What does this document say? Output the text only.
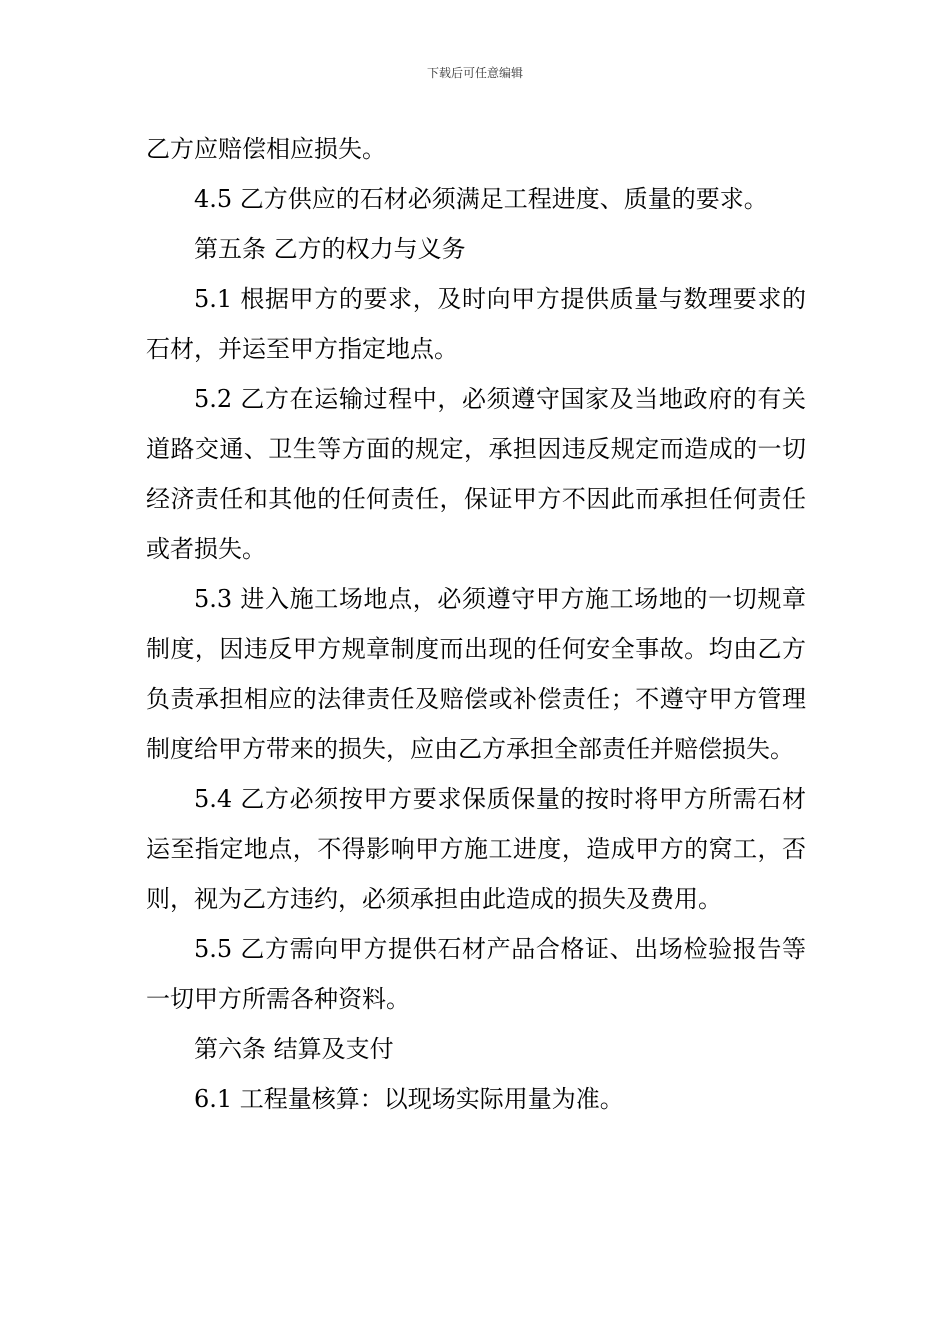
下载后可任意编辑

乙方应赔偿相应损失。

4.5 乙方供应的石材必须满足工程进度、质量的要求。

第五条 乙方的权力与义务

5.1 根据甲方的要求，及时向甲方提供质量与数理要求的石材，并运至甲方指定地点。

5.2 乙方在运输过程中，必须遵守国家及当地政府的有关道路交通、卫生等方面的规定，承担因违反规定而造成的一切经济责任和其他的任何责任，保证甲方不因此而承担任何责任或者损失。

5.3 进入施工场地点，必须遵守甲方施工场地的一切规章制度，因违反甲方规章制度而出现的任何安全事故。均由乙方负责承担相应的法律责任及赔偿或补偿责任；不遵守甲方管理制度给甲方带来的损失，应由乙方承担全部责任并赔偿损失。

5.4 乙方必须按甲方要求保质保量的按时将甲方所需石材运至指定地点，不得影响甲方施工进度，造成甲方的窝工，否则，视为乙方违约，必须承担由此造成的损失及费用。

5.5 乙方需向甲方提供石材产品合格证、出场检验报告等一切甲方所需各种资料。

第六条 结算及支付

6.1 工程量核算：以现场实际用量为准。
